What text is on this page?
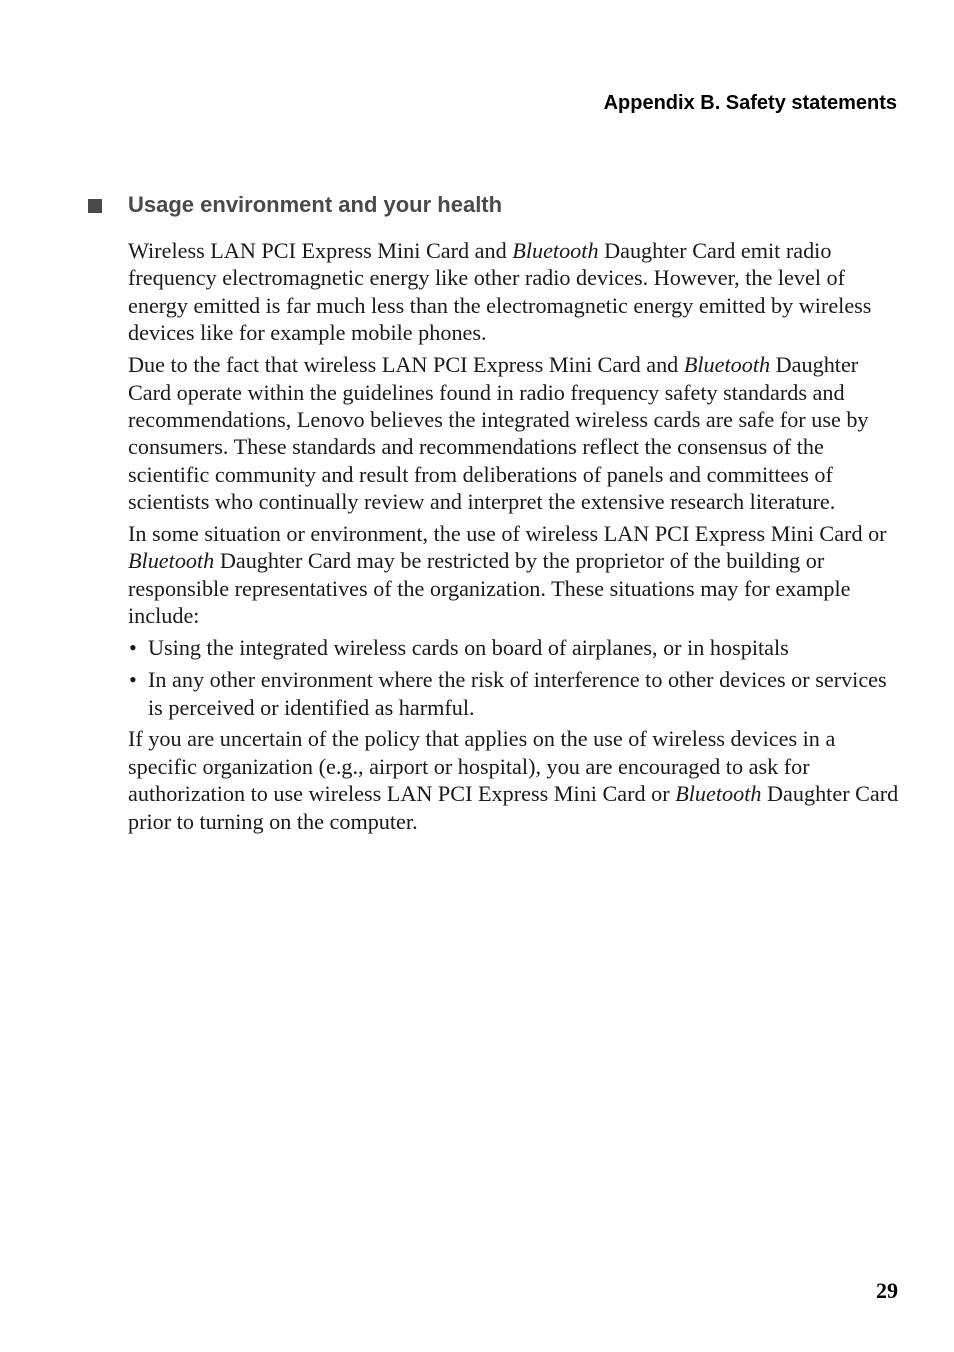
Appendix B. Safety statements
Usage environment and your health

Wireless LAN PCI Express Mini Card and Bluetooth Daughter Card emit radio frequency electromagnetic energy like other radio devices. However, the level of energy emitted is far much less than the electromagnetic energy emitted by wireless devices like for example mobile phones.

Due to the fact that wireless LAN PCI Express Mini Card and Bluetooth Daughter Card operate within the guidelines found in radio frequency safety standards and recommendations, Lenovo believes the integrated wireless cards are safe for use by consumers. These standards and recommendations reflect the consensus of the scientific community and result from deliberations of panels and committees of scientists who continually review and interpret the extensive research literature.

In some situation or environment, the use of wireless LAN PCI Express Mini Card or Bluetooth Daughter Card may be restricted by the proprietor of the building or responsible representatives of the organization. These situations may for example include:

• Using the integrated wireless cards on board of airplanes, or in hospitals
• In any other environment where the risk of interference to other devices or services is perceived or identified as harmful.

If you are uncertain of the policy that applies on the use of wireless devices in a specific organization (e.g., airport or hospital), you are encouraged to ask for authorization to use wireless LAN PCI Express Mini Card or Bluetooth Daughter Card prior to turning on the computer.

29
